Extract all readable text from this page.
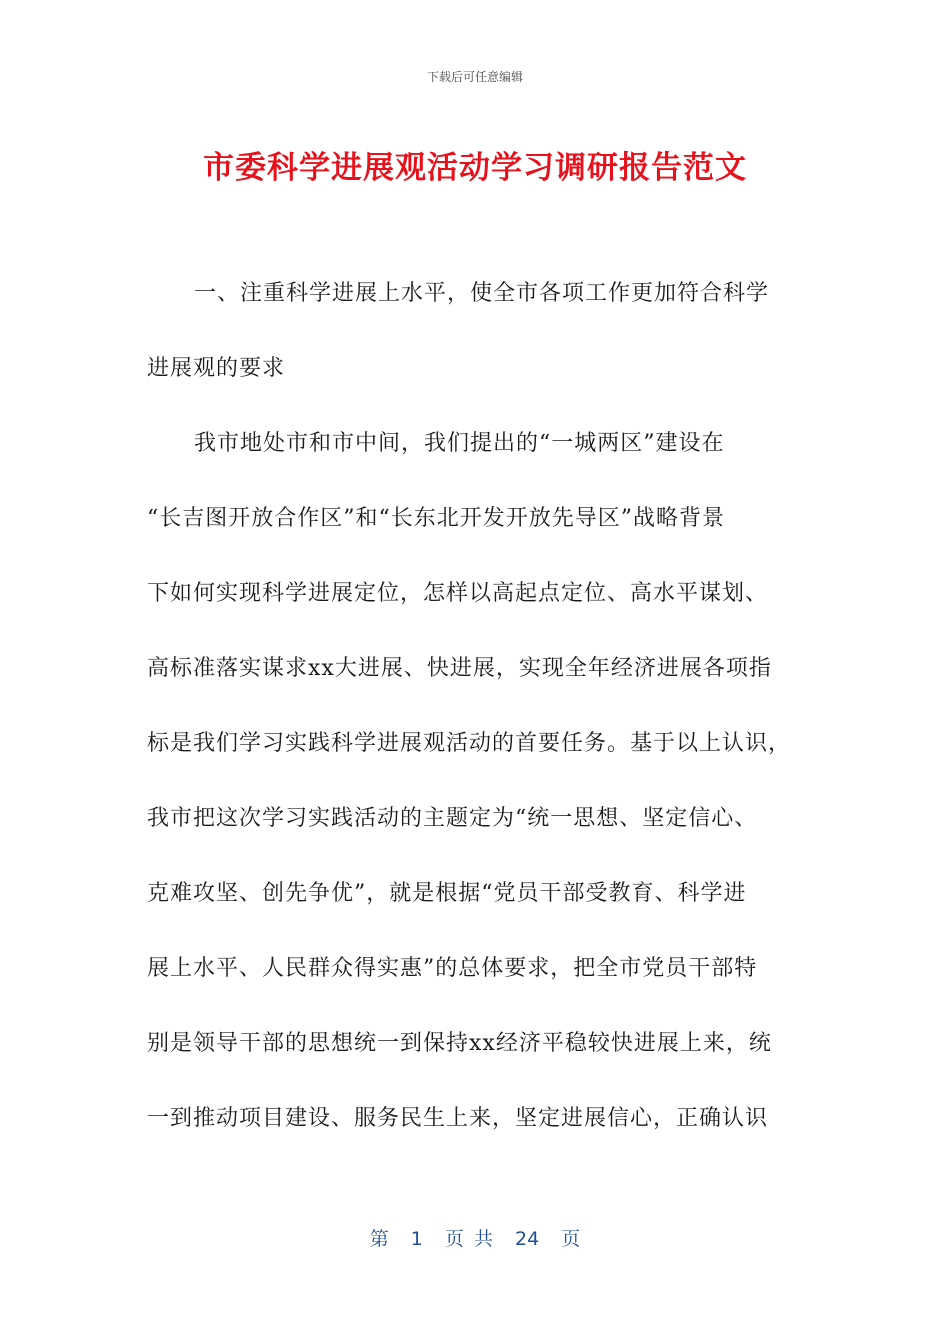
下载后可任意编辑
市委科学进展观活动学习调研报告范文
一、注重科学进展上水平，使全市各项工作更加符合科学
进展观的要求
我市地处市和市中间，我们提出的“一城两区”建设在
“长吉图开放合作区”和“长东北开发开放先导区”战略背景
下如何实现科学进展定位，怎样以高起点定位、高水平谋划、
高标准落实谋求xx大进展、快进展，实现全年经济进展各项指
标是我们学习实践科学进展观活动的首要任务。基于以上认识，
我市把这次学习实践活动的主题定为“统一思想、坚定信心、
克难攻坚、创先争优”，就是根据“党员干部受教育、科学进
展上水平、人民群众得实惠”的总体要求，把全市党员干部特
别是领导干部的思想统一到保持xx经济平稳较快进展上来，统
一到推动项目建设、服务民生上来，坚定进展信心，正确认识
第 1 页 共 24 页
